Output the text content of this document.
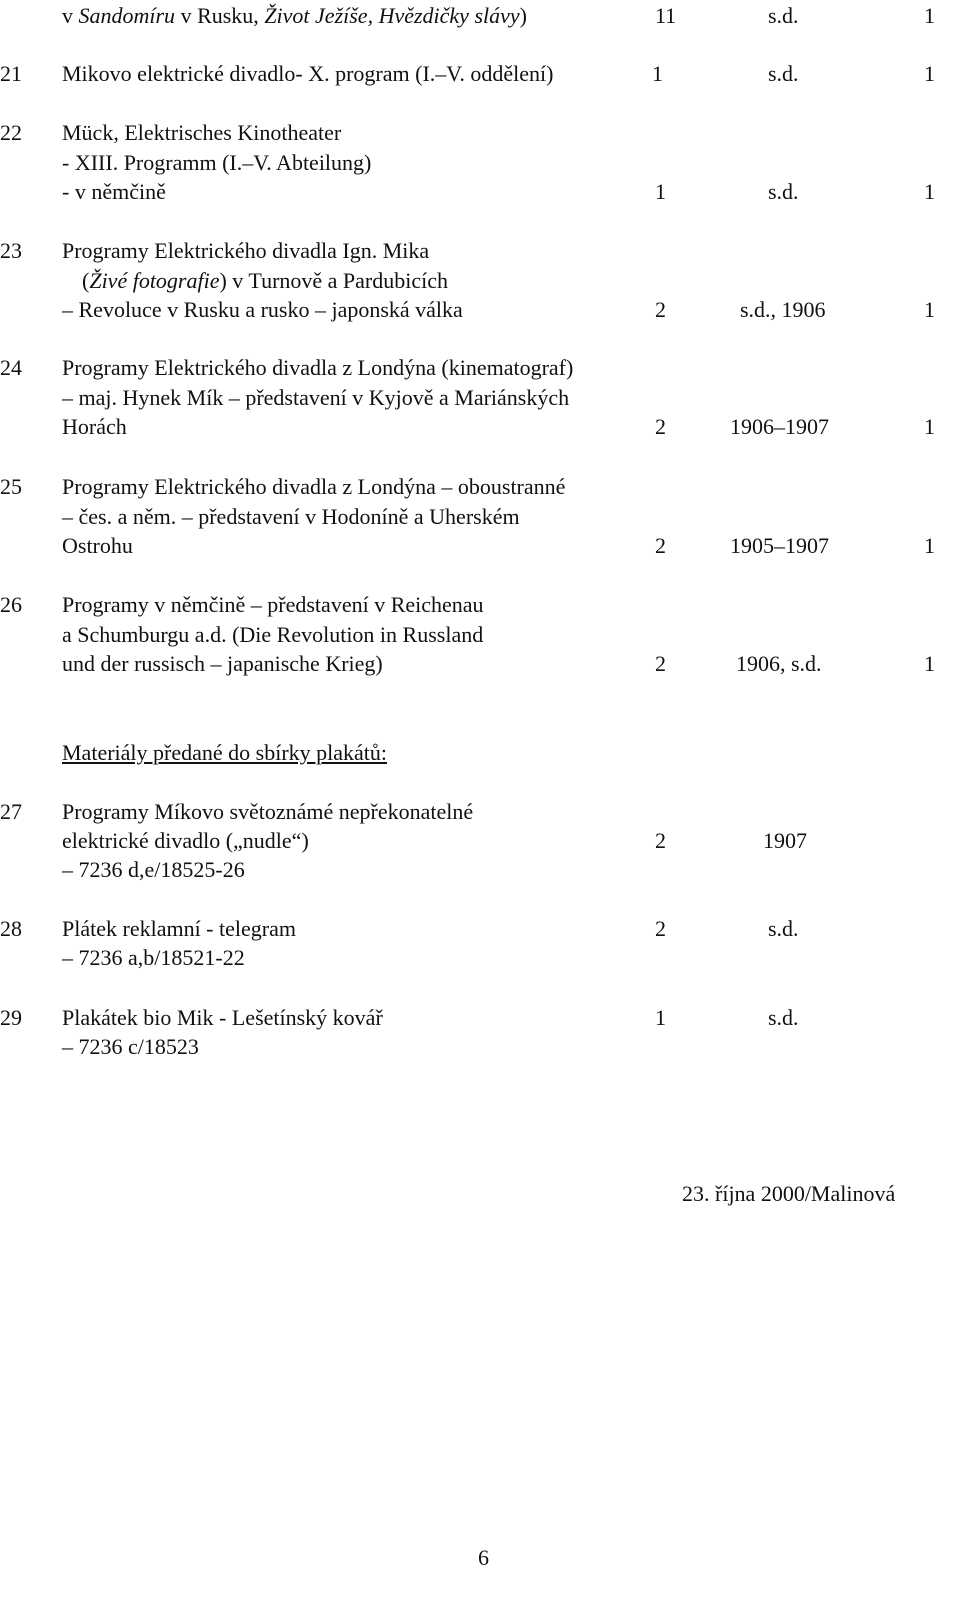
v Sandomíru v Rusku, Život Ježíše, Hvězdičky slávy)	11	s.d.	1
21 Mikovo elektrické divadlo- X. program (I.–V. oddělení)	1	s.d.	1
22 Mück, Elektrisches Kinotheater
- XIII. Programm (I.–V. Abteilung)
- v němčině	1	s.d.	1
23 Programy Elektrického divadla Ign. Mika
(Živé fotografie) v Turnově a Pardubicích
– Revoluce v Rusku a rusko – japonská válka	2	s.d., 1906	1
24 Programy Elektrického divadla z Londýna (kinematograf)
– maj. Hynek Mík – představení v Kyjově a Mariánských
Horách	2	1906–1907	1
25 Programy Elektrického divadla z Londýna – oboustranné
– čes. a něm. – představení v Hodoníně a Uherském
Ostrohu	2	1905–1907	1
26 Programy v němčině – představení v Reichenau
a Schumburgu a.d. (Die Revolution in Russland
und der russisch – japanische Krieg)	2	1906, s.d.	1
Materiály předané do sbírky plakátů:
27 Programy Míkovo světoznámé nepřekonatelné
elektrické divadlo („nudle“)
– 7236 d,e/18525-26
2	1907
28 Plátek reklamní - telegram
– 7236 a,b/18521-22
2	s.d.
29 Plakátek bio Mik - Lešetínský kovář
– 7236 c/18523
1	s.d.
23. října 2000/Malinová
6
